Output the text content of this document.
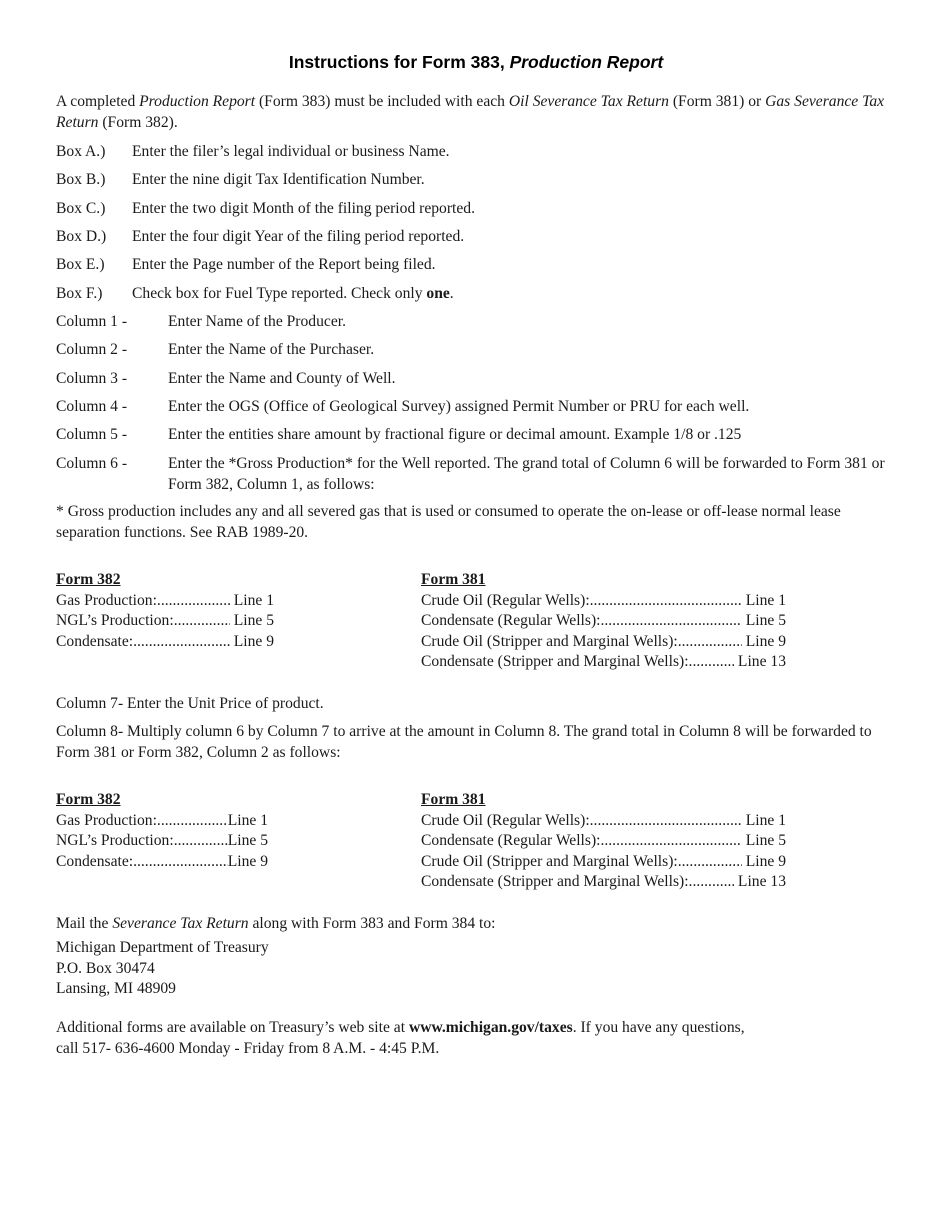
Instructions for Form 383, Production Report
A completed Production Report (Form 383) must be included with each Oil Severance Tax Return (Form 381) or Gas Severance Tax Return (Form 382).
Box A.) Enter the filer’s legal individual or business Name.
Box B.) Enter the nine digit Tax Identification Number.
Box C.) Enter the two digit Month of the filing period reported.
Box D.) Enter the four digit Year of the filing period reported.
Box E.) Enter the Page number of the Report being filed.
Box F.) Check box for Fuel Type reported. Check only one.
Column 1 -	Enter Name of the Producer.
Column 2 -	Enter the Name of the Purchaser.
Column 3 -	Enter the Name and County of Well.
Column 4 -	Enter the OGS (Office of Geological Survey) assigned Permit Number or PRU for each well.
Column 5 -	Enter the entities share amount by fractional figure or decimal amount. Example 1/8 or .125
Column 6 -	Enter the *Gross Production* for the Well reported. The grand total of Column 6 will be forwarded to Form 381 or Form 382, Column 1, as follows:
* Gross production includes any and all severed gas that is used or consumed to operate the on-lease or off-lease normal lease separation functions. See RAB 1989-20.
Form 382
Gas Production: .....	Line 1
NGL’s Production: .....	Line 5
Condensate: .....	Line 9
Form 381
Crude Oil (Regular Wells): .....	Line 1
Condensate (Regular Wells): .....	Line 5
Crude Oil (Stripper and Marginal Wells): .....	Line 9
Condensate (Stripper and Marginal Wells): .....	Line 13
Column 7- Enter the Unit Price of product.
Column 8- Multiply column 6 by Column 7 to arrive at the amount in Column 8. The grand total in Column 8 will be forwarded to Form 381 or Form 382, Column 2 as follows:
Form 382
Gas Production: .....	Line 1
NGL’s Production: .....	Line 5
Condensate: .....	Line 9
Form 381
Crude Oil (Regular Wells): .....	Line 1
Condensate (Regular Wells): .....	Line 5
Crude Oil (Stripper and Marginal Wells): .....	Line 9
Condensate (Stripper and Marginal Wells): .....	Line 13
Mail the Severance Tax Return along with Form 383 and Form 384 to:
Michigan Department of Treasury
P.O. Box 30474
Lansing, MI 48909
Additional forms are available on Treasury’s web site at www.michigan.gov/taxes. If you have any questions,
call 517- 636-4600 Monday - Friday from 8 A.M. - 4:45 P.M.
